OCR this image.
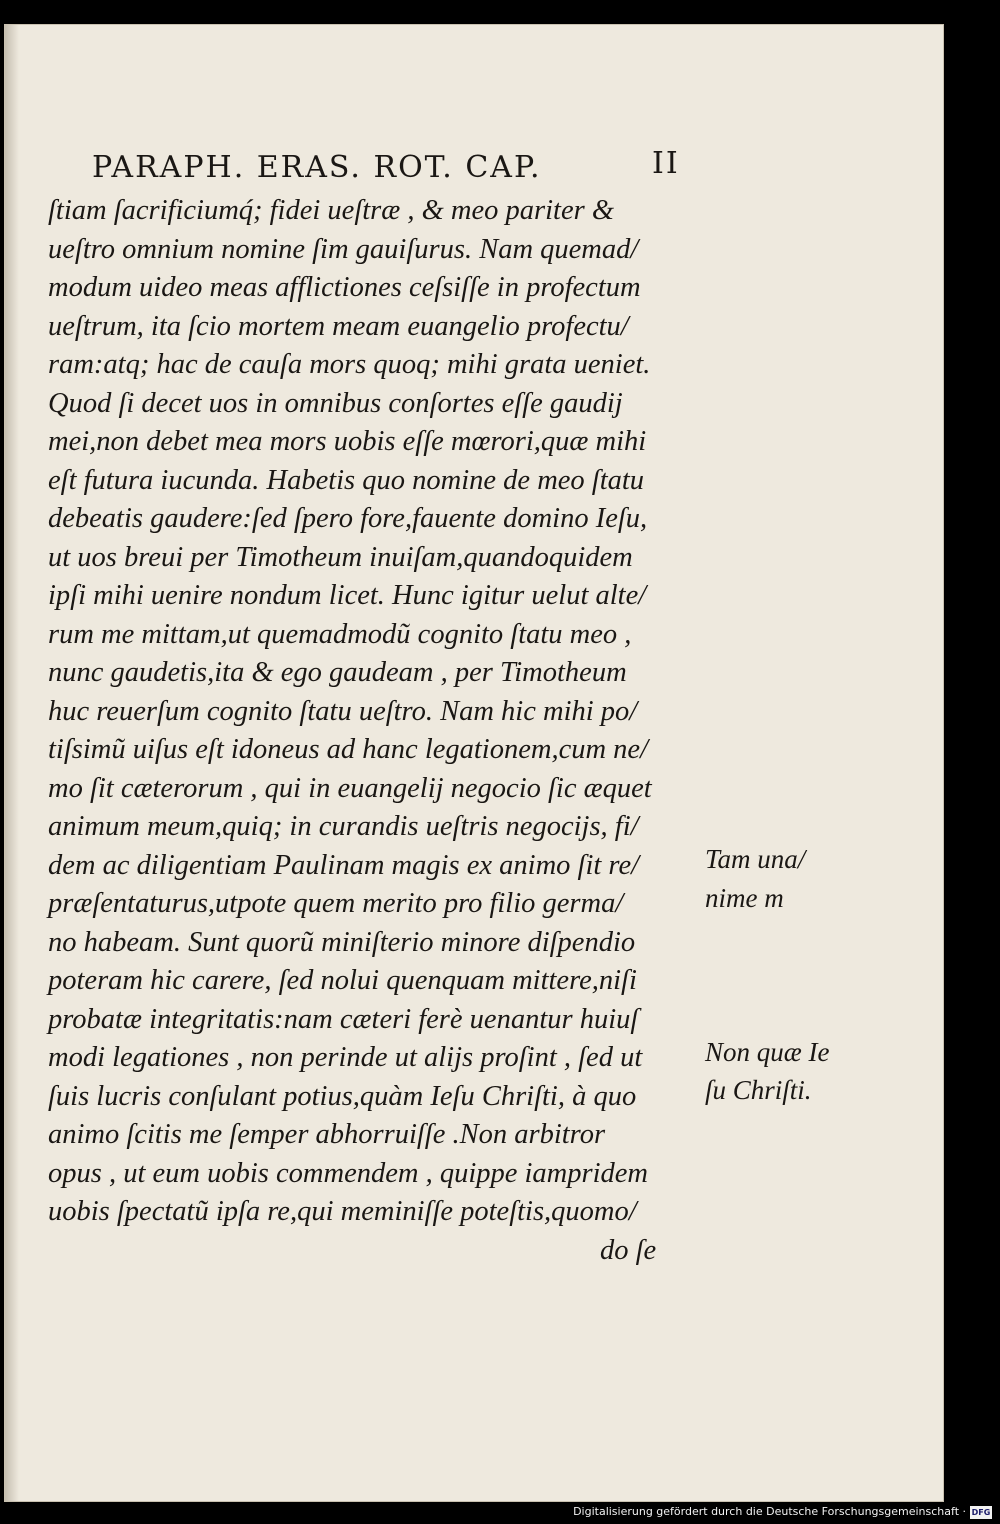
PARAPH. ERAS. ROT. CAP.	II
ſtiam ſacrificiumq́; fidei ueſtræ , & meo pariter &
ueſtro omnium nomine ſim gauiſurus. Nam quemad/
modum uideo meas afflictiones ceſsiſſe in profectum
ueſtrum, ita ſcio mortem meam euangelio profectu/
ram:atq; hac de cauſa mors quoq; mihi grata ueniet.
Quod ſi decet uos in omnibus conſortes eſſe gaudij
mei,non debet mea mors uobis eſſe mœrori,quæ mihi
eſt futura iucunda. Habetis quo nomine de meo ſtatu
debeatis gaudere:ſed ſpero fore,fauente domino Ieſu,
ut uos breui per Timotheum inuiſam,quandoquidem
ipſi mihi uenire nondum licet. Hunc igitur uelut alte/
rum me mittam,ut quemadmodũ cognito ſtatu meo ,
nunc gaudetis,ita & ego gaudeam , per Timotheum
huc reuerſum cognito ſtatu ueſtro. Nam hic mihi po/
tiſsimũ uiſus eſt idoneus ad hanc legationem,cum ne/
mo ſit cæterorum , qui in euangelij negocio ſic æquet
animum meum,quiq; in curandis ueſtris negocijs, fi/
dem ac diligentiam Paulinam magis ex animo ſit re/
præſentaturus,utpote quem merito pro filio germa/
no habeam. Sunt quorũ miniſterio minore diſpendio
poteram hic carere, ſed nolui quenquam mittere,niſi
probatæ integritatis:nam cæteri ferè uenantur huiuſ
modi legationes , non perinde ut alijs proſint , ſed ut
ſuis lucris conſulant potius,quàm Ieſu Chriſti, à quo
animo ſcitis me ſemper abhorruiſſe .Non arbitror
opus , ut eum uobis commendem , quippe iampridem
uobis ſpectatũ ipſa re,qui meminiſſe poteſtis,quomo/
do ſe
Tam una/
nime m
Non quæ Ie
ſu Chriſti.
Digitalisierung gefördert durch die Deutsche Forschungsgemeinschaft · DFG
